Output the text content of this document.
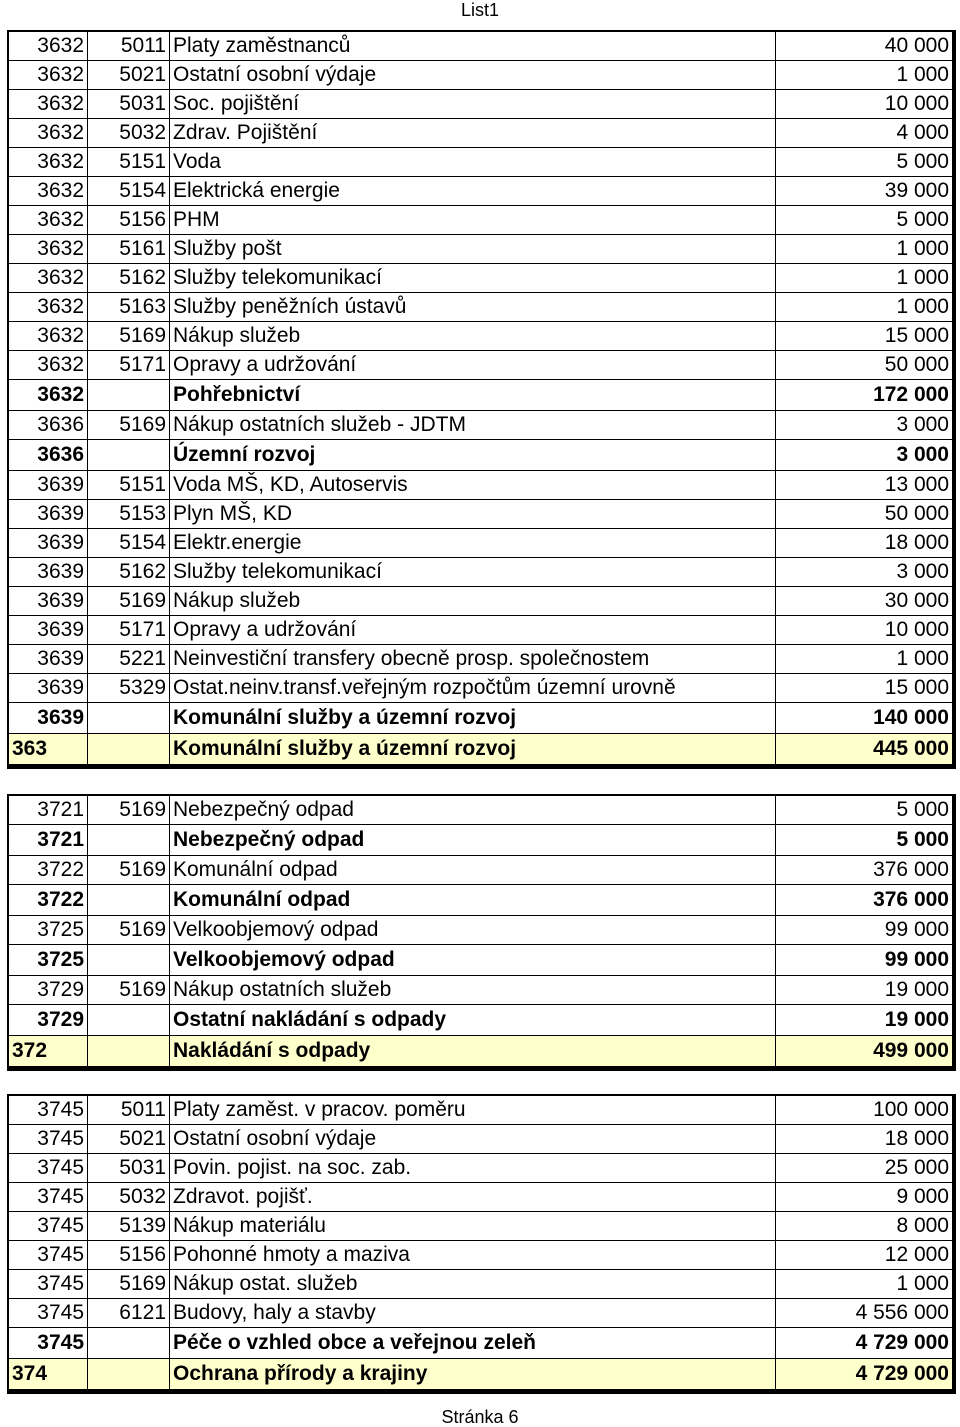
List1
3632	5011	Platy zaměstnanců	40 000
3632	5021	Ostatní osobní výdaje	1 000
3632	5031	Soc. pojištění	10 000
3632	5032	Zdrav. Pojištění	4 000
3632	5151	Voda	5 000
3632	5154	Elektrická energie	39 000
3632	5156	PHM	5 000
3632	5161	Služby pošt	1 000
3632	5162	Služby telekomunikací	1 000
3632	5163	Služby peněžních ústavů	1 000
3632	5169	Nákup služeb	15 000
3632	5171	Opravy a udržování	50 000
3632		Pohřebnictví	172 000
3636	5169	Nákup ostatních služeb - JDTM	3 000
3636		Územní rozvoj	3 000
3639	5151	Voda MŠ, KD, Autoservis	13 000
3639	5153	Plyn MŠ, KD	50 000
3639	5154	Elektr.energie	18 000
3639	5162	Služby telekomunikací	3 000
3639	5169	Nákup služeb	30 000
3639	5171	Opravy a udržování	10 000
3639	5221	Neinvestiční transfery obecně prosp. společnostem	1 000
3639	5329	Ostat.neinv.transf.veřejným rozpočtům územní urovně	15 000
3639		Komunální služby a územní rozvoj	140 000
363		Komunální služby a územní rozvoj	445 000
3721	5169	Nebezpečný odpad	5 000
3721		Nebezpečný odpad	5 000
3722	5169	Komunální odpad	376 000
3722		Komunální odpad	376 000
3725	5169	Velkoobjemový odpad	99 000
3725		Velkoobjemový odpad	99 000
3729	5169	Nákup ostatních služeb	19 000
3729		Ostatní nakládání s odpady	19 000
372		Nakládání s odpady	499 000
3745	5011	Platy zaměst. v pracov. poměru	100 000
3745	5021	Ostatní osobní výdaje	18 000
3745	5031	Povin. pojist. na soc. zab.	25 000
3745	5032	Zdravot. pojišť.	9 000
3745	5139	Nákup materiálu	8 000
3745	5156	Pohonné hmoty a maziva	12 000
3745	5169	Nákup ostat. služeb	1 000
3745	6121	Budovy, haly a stavby	4 556 000
3745		Péče o vzhled obce a veřejnou zeleň	4 729 000
374		Ochrana přírody a krajiny	4 729 000
Stránka 6
